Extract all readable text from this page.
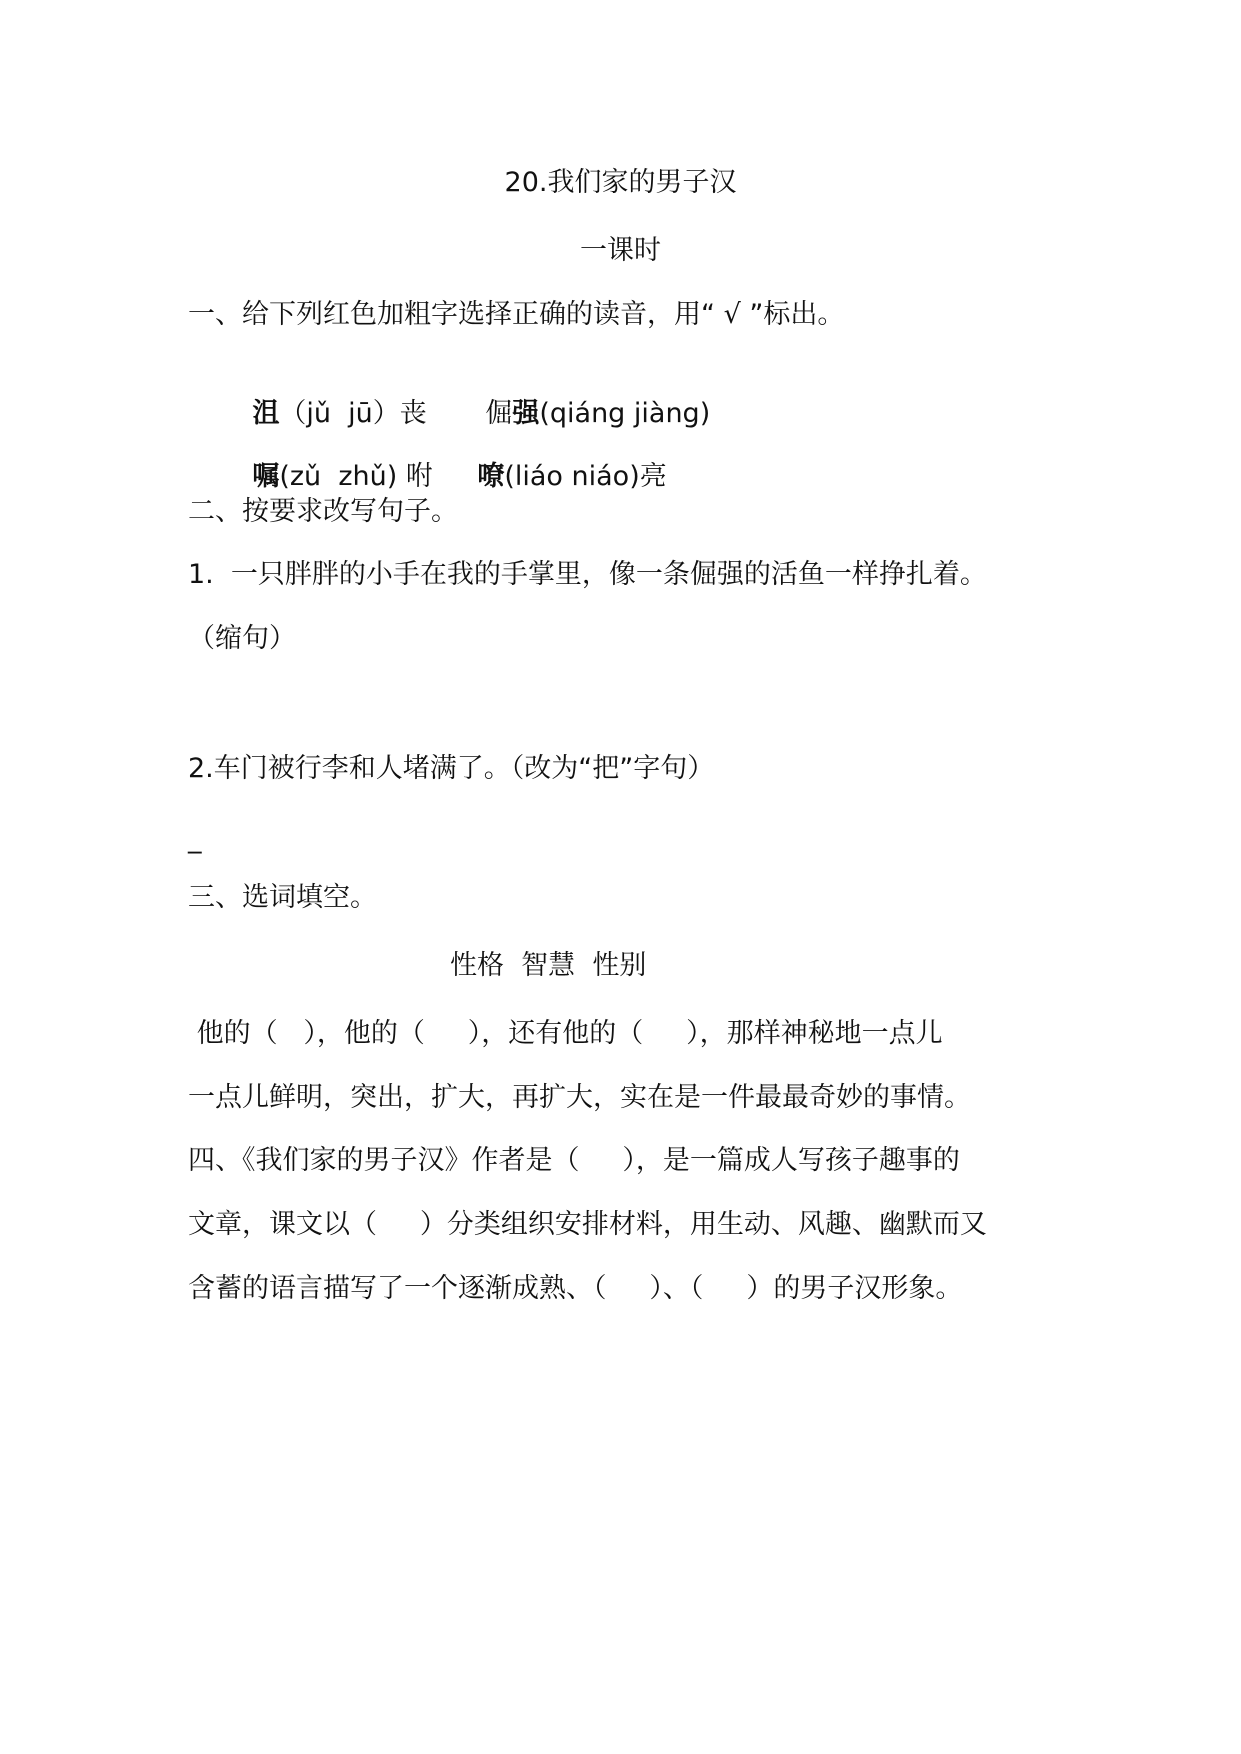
20.我们家的男子汉
一课时
一、给下列红色加粗字选择正确的读音，用“ √ ”标出。

沮（jǔ  jū）丧
	倔强(qiáng jiàng)

嘱(zǔ  zhǔ) 咐
	嘹(liáo niáo)亮

二、按要求改写句子。
1.  一只胖胖的小手在我的手掌里，像一条倔强的活鱼一样挣扎着。
（缩句）
2.车门被行李和人堵满了。（改为“把”字句）
_
三、选词填空。
性格  智慧  性别
他的（   ），他的（     ），还有他的（     ），那样神秘地一点儿
一点儿鲜明，突出，扩大，再扩大，实在是一件最最奇妙的事情。
四、《我们家的男子汉》作者是（     ），是一篇成人写孩子趣事的
文章，课文以（     ）分类组织安排材料，用生动、风趣、幽默而又
含蓄的语言描写了一个逐渐成熟、（     ）、（     ）的男子汉形象。
